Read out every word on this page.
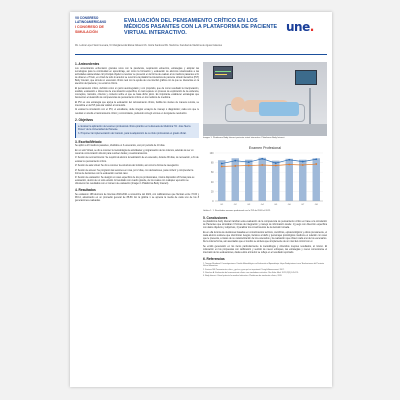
VII CONGRESO LATINOAMERICANO
I CONGRESO DE SIMULACIÓN
EVALUACIÓN DEL PENSAMIENTO CRÍTICO EN LOS MÉDICOS PASANTES CON LA PLATAFORMA DE PACIENTE VIRTUAL INTERACTIVO.	une.
Mx. Leticia Lopez Saint Guevara, M. Manglamerdal Eloisa Nolasco Mx. Gloria Sandoval Mx. Medicina. Facultad de Medicina de Aguas Calientes
1. Antecedentes
Los universitarios enfrentaron grandes retos con la pandemia, requiriendo esfuerzos, estrategias y adoptar las tecnologías para la continuidad en aprendizaje, así como la formación y evaluación de alumnos relacionados a las actividades asistenciales. El principal objetivo a resolver se presentó en la forma de evaluar a los médicos pasantes a fin de obtener el Título, en virtud de todo lo anterior se recurrió a la plataforma interactiva de paciente virtual interactivo (PVI) Body Interact, que simula un escenario clínico real con la ayuda de una interfaz gráfica con la que se interactúa en la atención del paciente y su entorno clínico.
El pensamiento crítico, definido como un juicio autorregulado y con propósito, que dé como resultado la interpretación, análisis, evaluación e inferencia de una situación específica, lo cual requiere un proceso de exploración de la evidencia, conceptos, métodos, criterios y contexto sobre el que se basa dicho juicio. Es importante establecer estrategias que favorezcan el desarrollo de competencias de pensamiento crítico en los médicos de medicina.
El PVI es una estrategia que apoya la evaluación del razonamiento clínico, facilita los niveles de manera remota, se intensifica en la PVI para dar validez al contenido.
Al evaluar la simulación con el PVI, el estudiante, debe integrar ensayos de manejo o diagnóstico; cada uno que le resultan un studio el razonamiento crítico y concomitante, pudiendo corregir errores en la siguiente resolución.
2. Objetivos
a. Evaluar la aplicación del examen profesional clínico-práctico en la Escuela de Medicina "Dr. José Sierra Flores" de la Universidad del Noreste.
b. Proponer la implementación del método, para la adquisición de su título profesional en grado oficial.
3. Escrito/Método
Se aplicó a 23 médicos pasantes, divididos en 3 escenarios, uno por periodo de 10 días.
En un solo Virtual, se dio a conocer la metodología de actividades y programación de los mismos, además de ser un canal de comunicación directo para resolver dudas y cuestionamientos.
1ª Sesión de reconocimiento: Se requirió al alumno la realización de el escenario, durante 90 días, de recreación, a fin de evaluar su pensamiento crítico.
2ª Sesión de aula virtual: Se dio a conocer la estructura del módulo, así como la forma de navegación.
2ª Sesión de acceso: Se programó las sesiones en rosa, por 2 días, con derivaciones, para conferir y comprender la forma de decisiones con la evaluación real del caso.
4ª Sesión de evaluación: Se designó un caso específico de los pre profesionales, mismo dispositivo 20 horas para su evaluación, dentro de un solo estudio. El resultado con cuadro grande, de los cuales con cualquier ejecución se obtuvieron los resultados con el número de evaluación (Imagen 1 Plataforma Body Interact).
4. Resultados
Se evaluaron 168 alumnos de Internas 2020-2021 a noviembre del 2022, con calificaciones que fluctúan entre 72.00 y 98.14, alcanzando en un promedio general de 85.89. En la gráfica 1 se aprecia la media de cada uno de los 8 generaciones evaluadas.
Imagen 1. Plataforma Body Interact paciente virtual interactivo. Plataforma Body Interact.
Examen Profesional
0
20
40
60
80
100
G1	G2	G3	G4	G5	G6	G7	G8
Gráfica 1. 1. Resultados examen profesional con la PVI del 2020 al 2022.
5. Conclusiones
La plataforma body interact también esta evaluación de la competencia de pensamiento crítico en base a la simulación de Pacientes que simulaban 3 formas de integración y manejo de información desde: 1) juego con dirección específica con datos objetivos y subjetivos, 2) analizar los conocimientos de la decisión tomada.
Es en ella la toma de decisiones basadas en conocimientos teóricos, científicos, epistemológicos y éticos previamente, el cada alumno sostiene que discriminar riesgos, factores al daño y personajes psicológicos médicos en relación con caso que le presenta, a través de su caracterización de los escenarios y la evaluación que obtuvo cada uno de los escenarios. De la misma forma, aún asociados que el médico se sintiera que simplemente de un nivel del control con el.
Se emitió generación en los ítems particularmente la metodología y obtenidos mejores resultados, al mismo. El colocación en los propuestas con calificación y sentido de nuevo enfoques, las estrategias y nuevo comunicarse el internado de los evaluaciones, dada a ellos al interior se reflejo en el resultado reportado.
6. Referencias
1. Tamayo Mendoza F. Investigaciones. Diseño Metodológico en Evaluación el Aprendizaje: https://body-interact.com/ Evaluaciones del Paciente Virtual Interactivo.
2. Facione PA. Pensamiento crítico: ¿qué es y por qué es importante? Insight Assessment. 2007.
3. Sánchez A. Evaluación del razonamiento clínico con simuladores virtuales. Rev Educ Med. 2021;22(3):145-151.
4. Body Interact. Virtual patients for medical education. Plataforma de simulación clínica, 2020.
